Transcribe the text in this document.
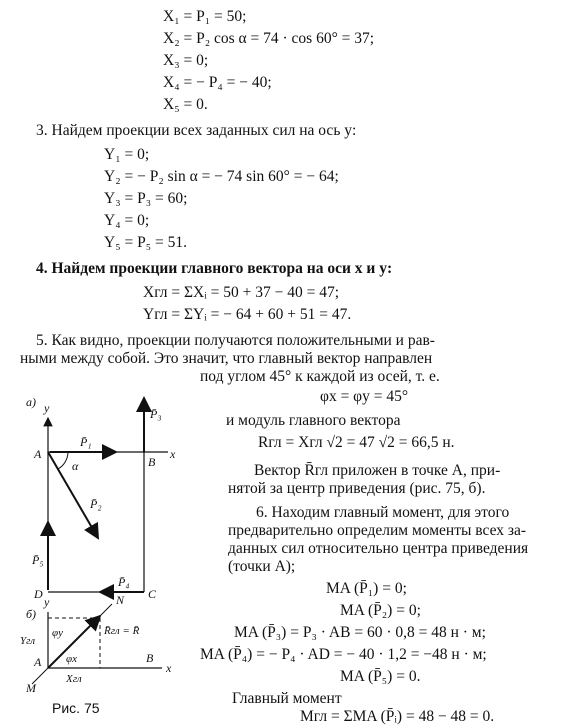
X₁ = P₁ = 50;
X₂ = P₂ cos α = 74 · cos 60° = 37;
X₃ = 0;
X₄ = − P₄ = − 40;
X₅ = 0.
3. Найдем проекции всех заданных сил на ось y:
Y₁ = 0;
Y₂ = − P₂ sin α = − 74 sin 60° = − 64;
Y₃ = P₃ = 60;
Y₄ = 0;
Y₅ = P₅ = 51.
4. Найдем проекции главного вектора на оси x и y:
Xгл = ΣXᵢ = 50 + 37 − 40 = 47;
Yгл = ΣYᵢ = − 64 + 60 + 51 = 47.
5. Как видно, проекции получаются положительными и рав-
ными между собой. Это значит, что главный вектор направлен
под углом 45° к каждой из осей, т. е.
φx = φy = 45°
и модуль главного вектора
Rгл = Xгл √2 = 47 √2 = 66,5 н.
Вектор R̄гл приложен в точке A, при-
нятой за центр приведения (рис. 75, б).
6. Находим главный момент, для этого
предварительно определим моменты всех за-
данных сил относительно центра приведения
(точки A);
MA (P̄₁) = 0;
MA (P̄₂) = 0;
MA (P̄₃) = P₃ · AB = 60 · 0,8 = 48 н · м;
MA (P̄₄) = − P₄ · AD = − 40 · 1,2 = −48 н · м;
MA (P̄₅) = 0.
Главный момент
Mгл = ΣMA (P̄ᵢ) = 48 − 48 = 0.
а) y
x
P̄₁
P̄₃
P̄₂
α
P̄₅
P̄₄
A
B
C
D
б)
y
x
N
M
A	B
R̄гл = R̄
Yгл
Xгл
φy
φx
Рис. 75
